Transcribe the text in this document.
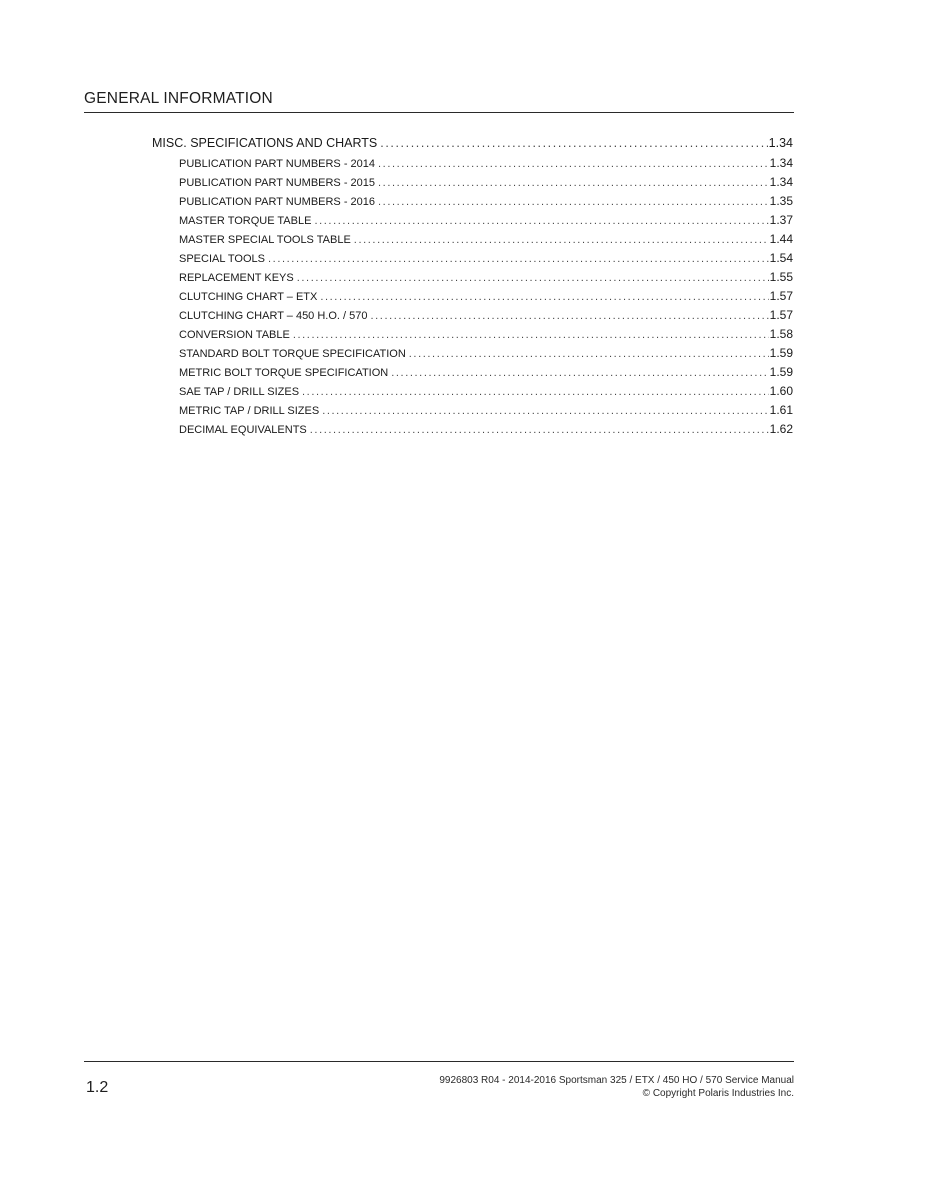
GENERAL INFORMATION
MISC. SPECIFICATIONS AND CHARTS .....	1.34
PUBLICATION PART NUMBERS - 2014 .....	1.34
PUBLICATION PART NUMBERS - 2015 .....	1.34
PUBLICATION PART NUMBERS - 2016 .....	1.35
MASTER TORQUE TABLE .....	1.37
MASTER SPECIAL TOOLS TABLE .....	1.44
SPECIAL TOOLS .....	1.54
REPLACEMENT KEYS .....	1.55
CLUTCHING CHART – ETX .....	1.57
CLUTCHING CHART – 450 H.O. / 570 .....	1.57
CONVERSION TABLE .....	1.58
STANDARD BOLT TORQUE SPECIFICATION .....	1.59
METRIC BOLT TORQUE SPECIFICATION .....	1.59
SAE TAP / DRILL SIZES .....	1.60
METRIC TAP / DRILL SIZES .....	1.61
DECIMAL EQUIVALENTS .....	1.62
1.2	9926803 R04 - 2014-2016 Sportsman 325 / ETX / 450 HO / 570 Service Manual
© Copyright Polaris Industries Inc.
